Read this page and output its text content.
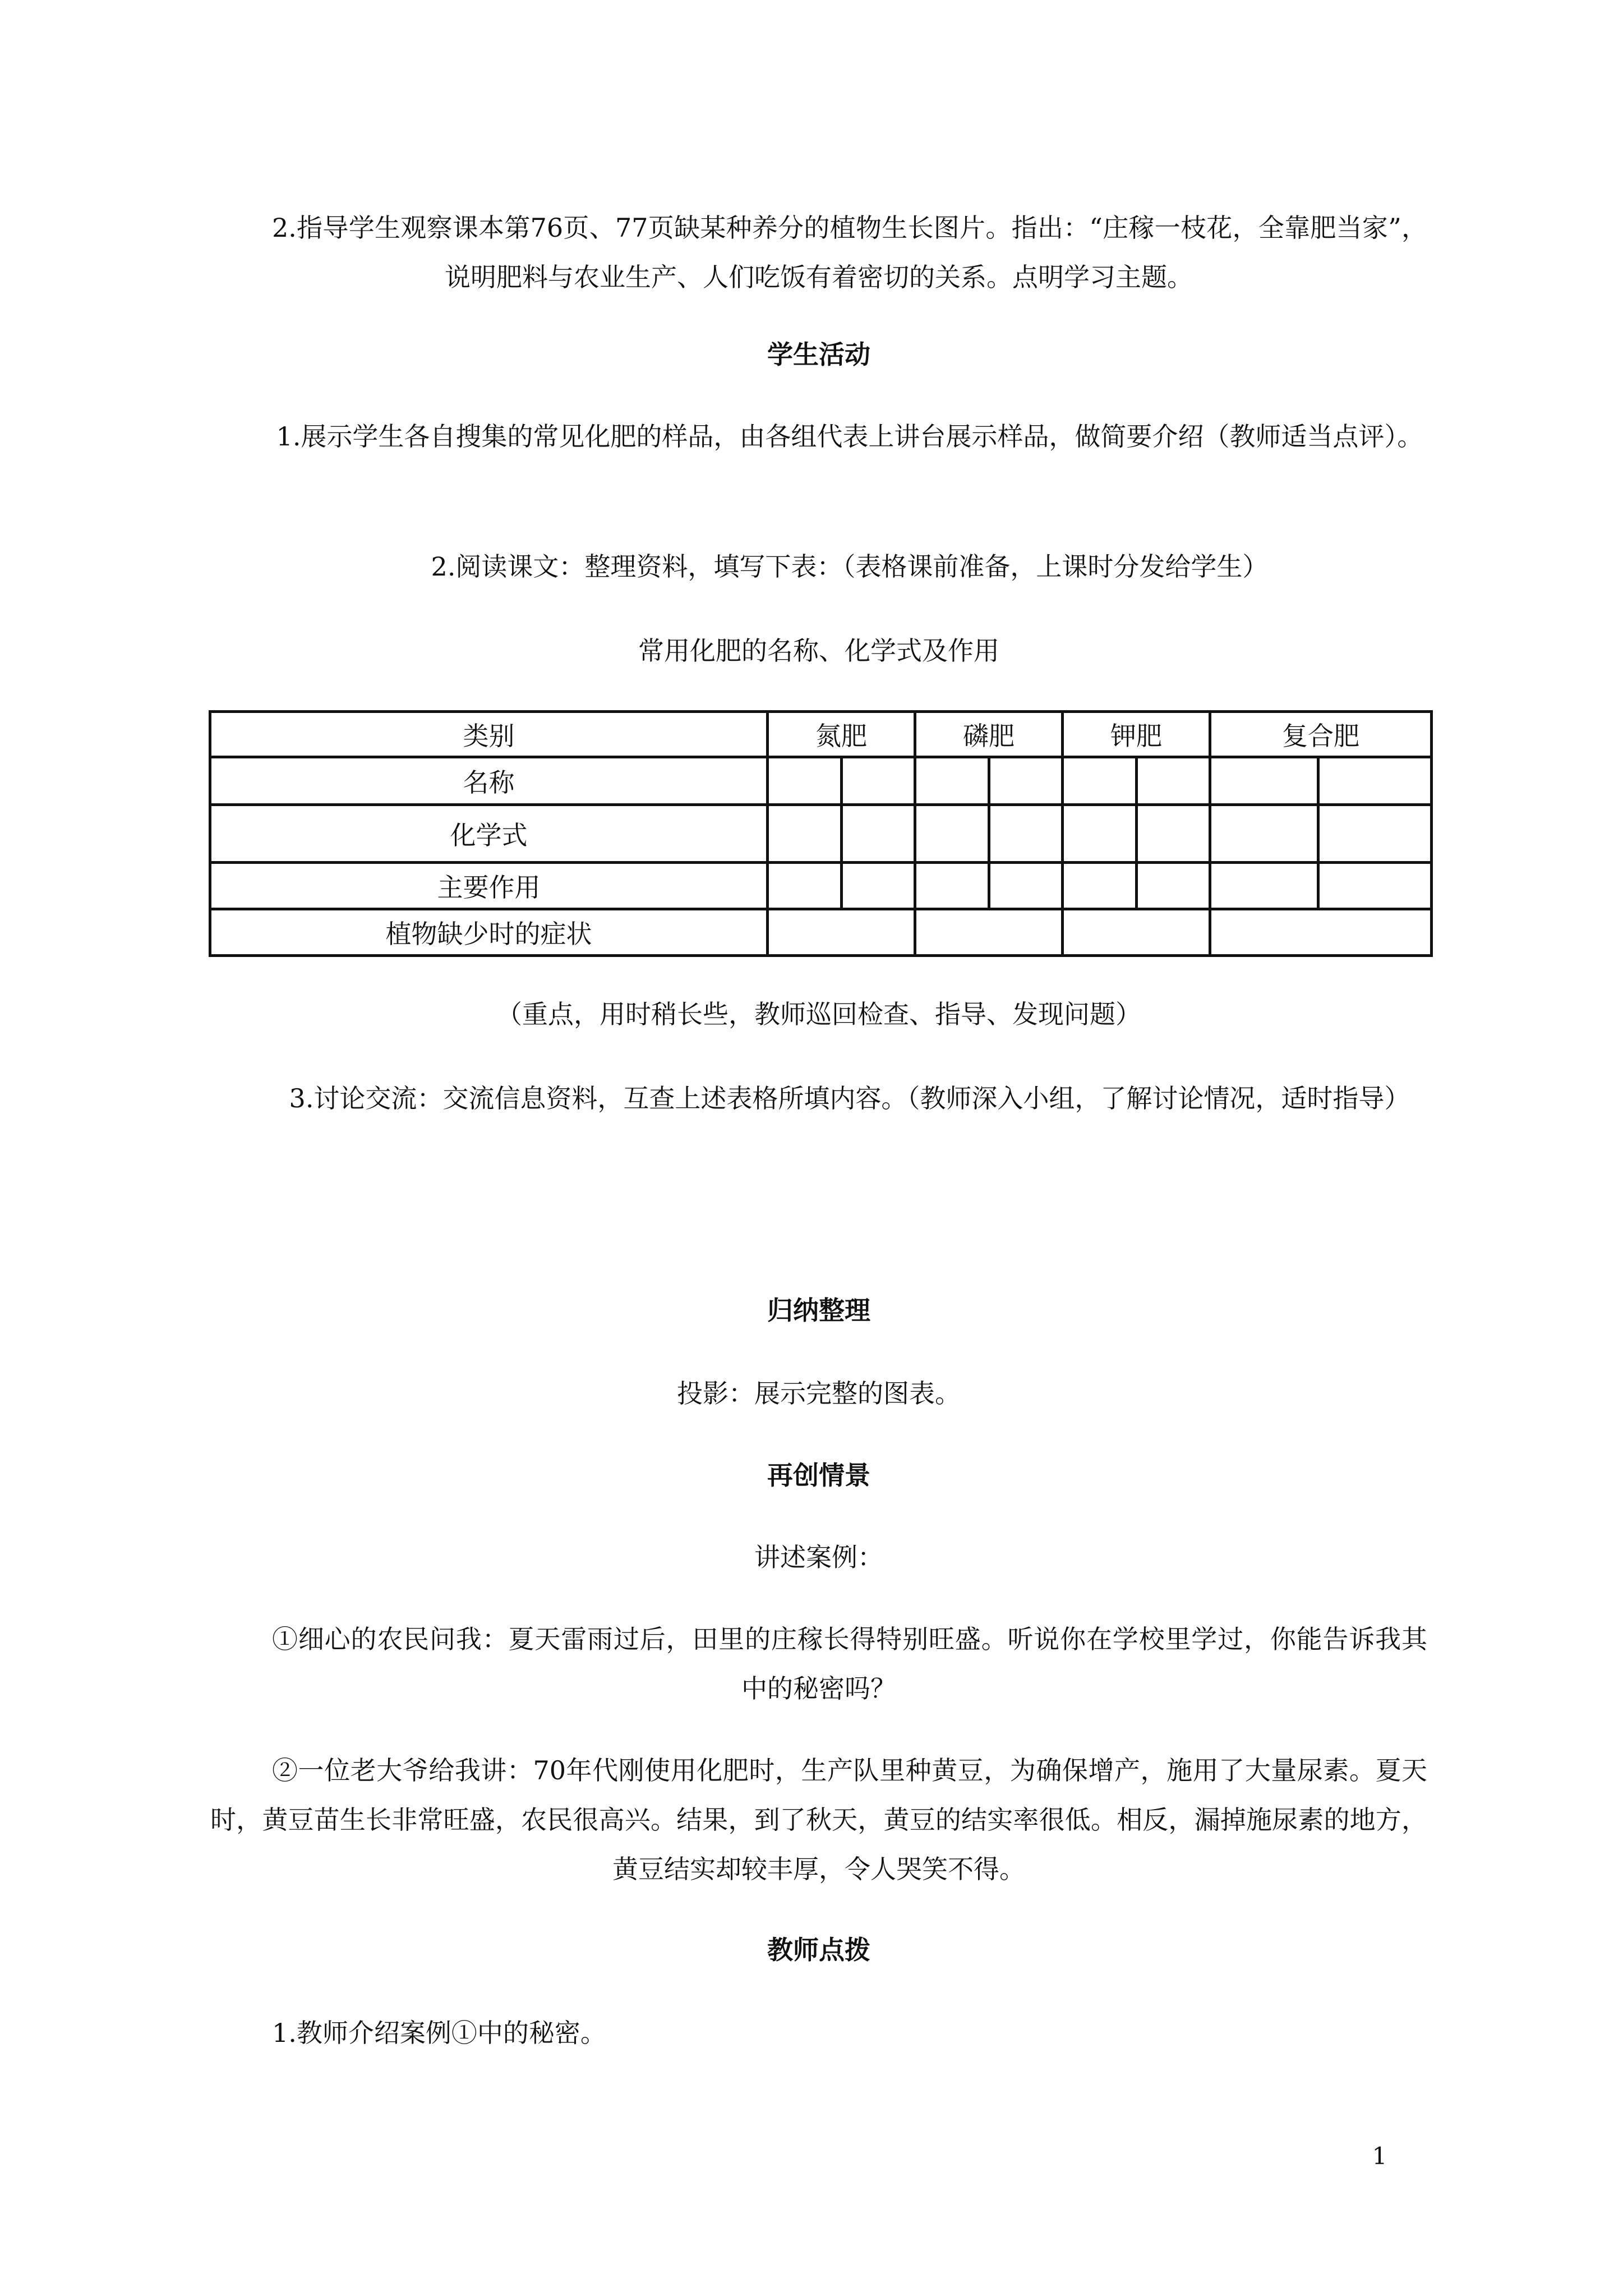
2.指导学生观察课本第76页、77页缺某种养分的植物生长图片。指出：“庄稼一枝花，全靠肥当家”，说明肥料与农业生产、人们吃饭有着密切的关系。点明学习主题。

学生活动

1.展示学生各自搜集的常见化肥的样品，由各组代表上讲台展示样品，做简要介绍（教师适当点评）。

2.阅读课文：整理资料，填写下表：（表格课前准备，上课时分发给学生）

常用化肥的名称、化学式及作用

类别	氮肥		磷肥		钾肥		复合肥	
名称								
化学式								
主要作用								
植物缺少时的症状								

（重点，用时稍长些，教师巡回检查、指导、发现问题）

3.讨论交流：交流信息资料，互查上述表格所填内容。（教师深入小组，了解讨论情况，适时指导）

归纳整理

投影：展示完整的图表。

再创情景

讲述案例：

①细心的农民问我：夏天雷雨过后，田里的庄稼长得特别旺盛。听说你在学校里学过，你能告诉我其中的秘密吗？

②一位老大爷给我讲：70年代刚使用化肥时，生产队里种黄豆，为确保增产，施用了大量尿素。夏天时，黄豆苗生长非常旺盛，农民很高兴。结果，到了秋天，黄豆的结实率很低。相反，漏掉施尿素的地方，黄豆结实却较丰厚，令人哭笑不得。

教师点拨

1.教师介绍案例①中的秘密。

1
